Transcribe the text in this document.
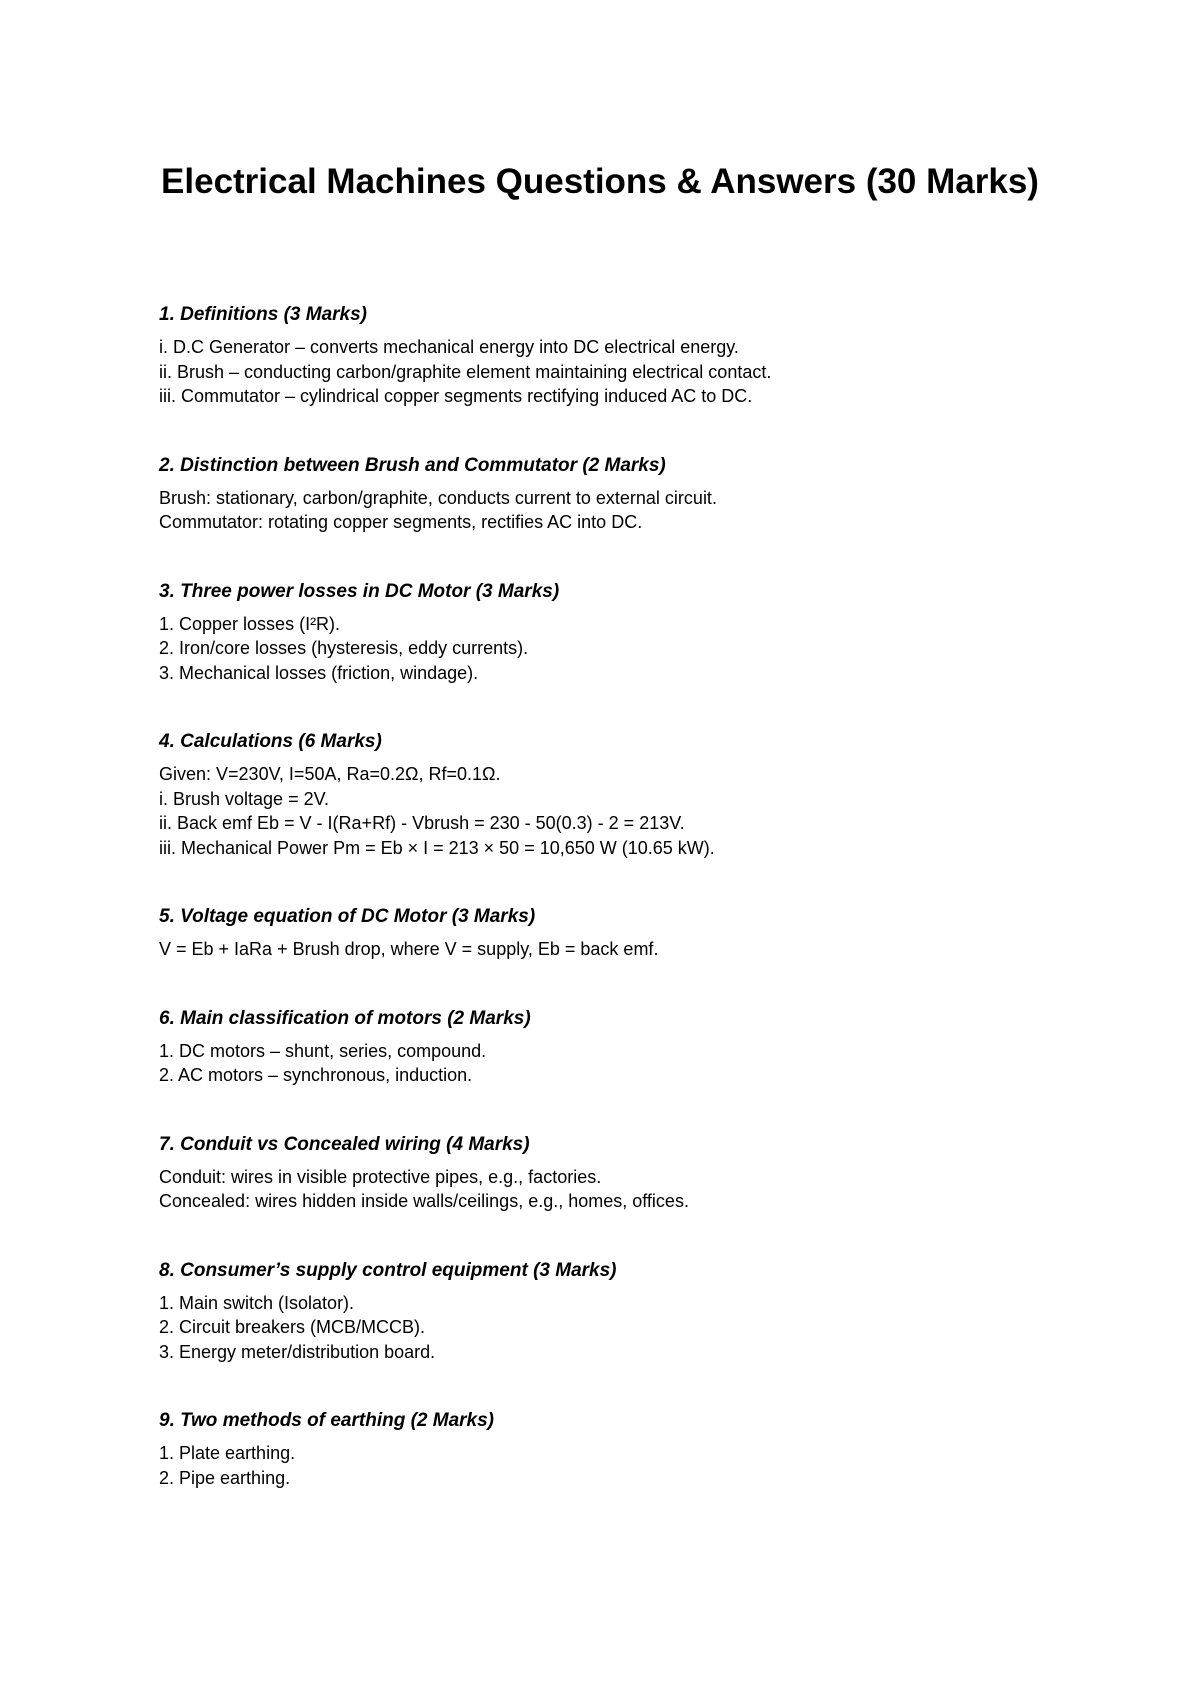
Electrical Machines Questions & Answers (30 Marks)
1. Definitions (3 Marks)

i. D.C Generator – converts mechanical energy into DC electrical energy.

ii. Brush – conducting carbon/graphite element maintaining electrical contact.

iii. Commutator – cylindrical copper segments rectifying induced AC to DC.

2. Distinction between Brush and Commutator (2 Marks)

Brush: stationary, carbon/graphite, conducts current to external circuit.

Commutator: rotating copper segments, rectifies AC into DC.

3. Three power losses in DC Motor (3 Marks)

1. Copper losses (I²R).

2. Iron/core losses (hysteresis, eddy currents).

3. Mechanical losses (friction, windage).

4. Calculations (6 Marks)

Given: V=230V, I=50A, Ra=0.2Ω, Rf=0.1Ω.

i. Brush voltage = 2V.

ii. Back emf Eb = V - I(Ra+Rf) - Vbrush = 230 - 50(0.3) - 2 = 213V.

iii. Mechanical Power Pm = Eb × I = 213 × 50 = 10,650 W (10.65 kW).

5. Voltage equation of DC Motor (3 Marks)

V = Eb + IaRa + Brush drop, where V = supply, Eb = back emf.

6. Main classification of motors (2 Marks)

1. DC motors – shunt, series, compound.

2. AC motors – synchronous, induction.

7. Conduit vs Concealed wiring (4 Marks)

Conduit: wires in visible protective pipes, e.g., factories.

Concealed: wires hidden inside walls/ceilings, e.g., homes, offices.

8. Consumer’s supply control equipment (3 Marks)

1. Main switch (Isolator).

2. Circuit breakers (MCB/MCCB).

3. Energy meter/distribution board.

9. Two methods of earthing (2 Marks)

1. Plate earthing.

2. Pipe earthing.
